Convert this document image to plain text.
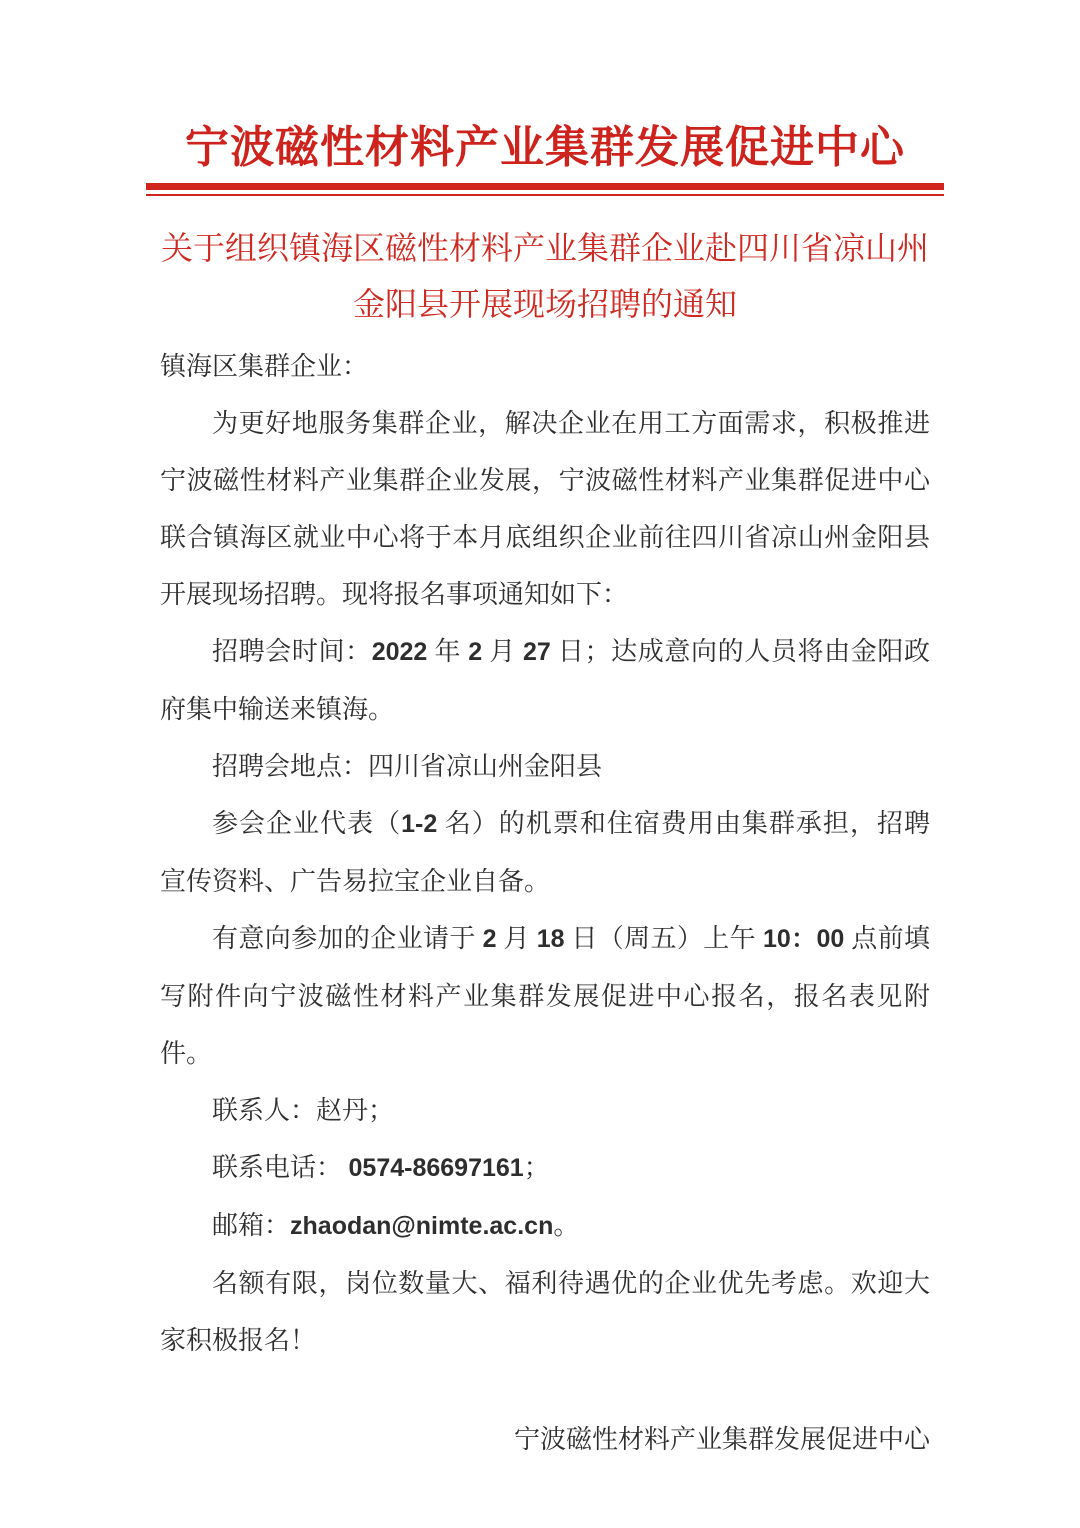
宁波磁性材料产业集群发展促进中心
关于组织镇海区磁性材料产业集群企业赴四川省凉山州
金阳县开展现场招聘的通知

镇海区集群企业：

为更好地服务集群企业，解决企业在用工方面需求，积极推进宁波磁性材料产业集群企业发展，宁波磁性材料产业集群促进中心联合镇海区就业中心将于本月底组织企业前往四川省凉山州金阳县开展现场招聘。现将报名事项通知如下：

招聘会时间：2022 年 2 月 27 日；达成意向的人员将由金阳政府集中输送来镇海。

招聘会地点：四川省凉山州金阳县

参会企业代表（1-2 名）的机票和住宿费用由集群承担，招聘宣传资料、广告易拉宝企业自备。

有意向参加的企业请于 2 月 18 日（周五）上午 10：00 点前填写附件向宁波磁性材料产业集群发展促进中心报名，报名表见附件。

联系人：赵丹；

联系电话： 0574-86697161；

邮箱：zhaodan@nimte.ac.cn。

名额有限，岗位数量大、福利待遇优的企业优先考虑。欢迎大家积极报名！

宁波磁性材料产业集群发展促进中心
